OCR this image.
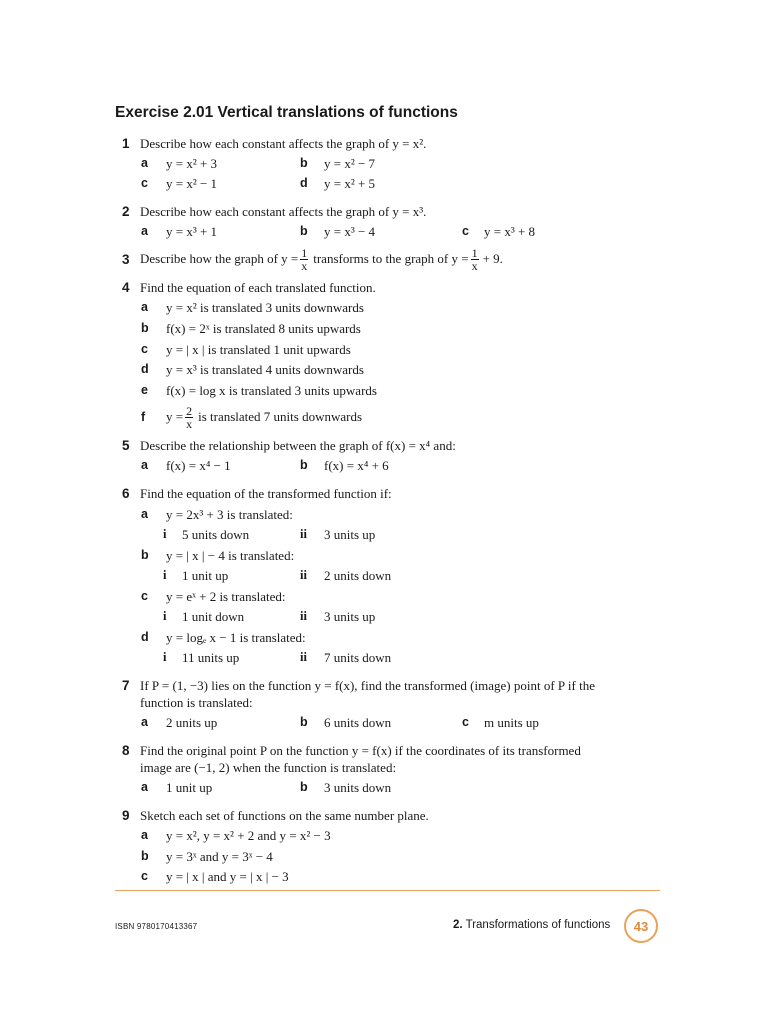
Exercise 2.01 Vertical translations of functions
1 Describe how each constant affects the graph of y = x².
a y = x² + 3	b y = x² − 7
c y = x² − 1	d y = x² + 5
2 Describe how each constant affects the graph of y = x³.
a y = x³ + 1	b y = x³ − 4	c y = x³ + 8
3 Describe how the graph of $y = \frac{1}{x}$ transforms to the graph of $y = \frac{1}{x} + 9$.
4 Find the equation of each translated function.
a y = x² is translated 3 units downwards
b f(x) = 2ˣ is translated 8 units upwards
c y = | x | is translated 1 unit upwards
d y = x³ is translated 4 units downwards
e f(x) = log x is translated 3 units upwards
f $y = \frac{2}{x}$ is translated 7 units downwards
5 Describe the relationship between the graph of f(x) = x⁴ and:
a f(x) = x⁴ − 1	b f(x) = x⁴ + 6
6 Find the equation of the transformed function if:
a y = 2x³ + 3 is translated:
i 5 units down	ii 3 units up
b y = | x | − 4 is translated:
i 1 unit up	ii 2 units down
c y = eˣ + 2 is translated:
i 1 unit down	ii 3 units up
d y = logₑ x − 1 is translated:
i 11 units up	ii 7 units down
7 If P = (1, −3) lies on the function y = f(x), find the transformed (image) point of P if the
function is translated:
a 2 units up	b 6 units down	c m units up
8 Find the original point P on the function y = f(x) if the coordinates of its transformed
image are (−1, 2) when the function is translated:
a 1 unit up	b 3 units down
9 Sketch each set of functions on the same number plane.
a y = x², y = x² + 2 and y = x² − 3
b y = 3ˣ and y = 3ˣ − 4
c y = | x | and y = | x | − 3
ISBN 9780170413367	2. Transformations of functions	43
